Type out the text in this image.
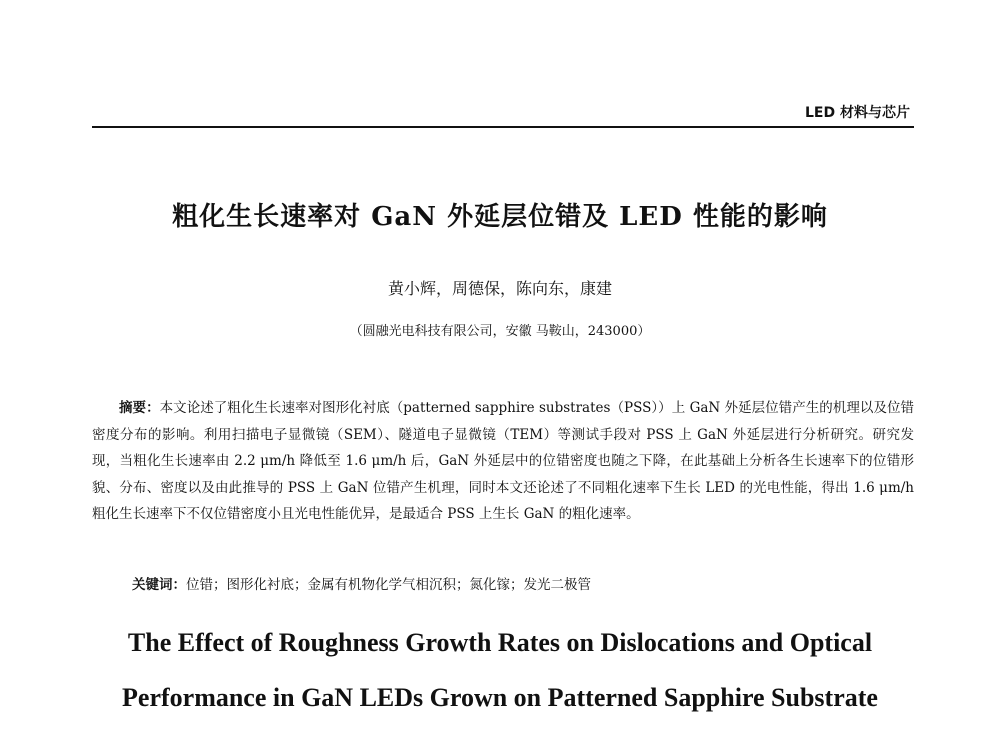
LED 材料与芯片
粗化生长速率对 GaN 外延层位错及 LED 性能的影响
黄小辉，周德保，陈向东，康建
（圆融光电科技有限公司，安徽 马鞍山，243000）
摘要：本文论述了粗化生长速率对图形化衬底（patterned sapphire substrates（PSS））上 GaN 外延层位错产生的机理以及位错密度分布的影响。利用扫描电子显微镜（SEM）、隧道电子显微镜（TEM）等测试手段对 PSS 上 GaN 外延层进行分析研究。研究发现，当粗化生长速率由 2.2 μm/h 降低至 1.6 μm/h 后，GaN 外延层中的位错密度也随之下降，在此基础上分析各生长速率下的位错形貌、分布、密度以及由此推导的 PSS 上 GaN 位错产生机理，同时本文还论述了不同粗化速率下生长 LED 的光电性能，得出 1.6 μm/h 粗化生长速率下不仅位错密度小且光电性能优异，是最适合 PSS 上生长 GaN 的粗化速率。
关键词：位错；图形化衬底；金属有机物化学气相沉积；氮化镓；发光二极管
The Effect of Roughness Growth Rates on Dislocations and Optical
Performance in GaN LEDs Grown on Patterned Sapphire Substrate
